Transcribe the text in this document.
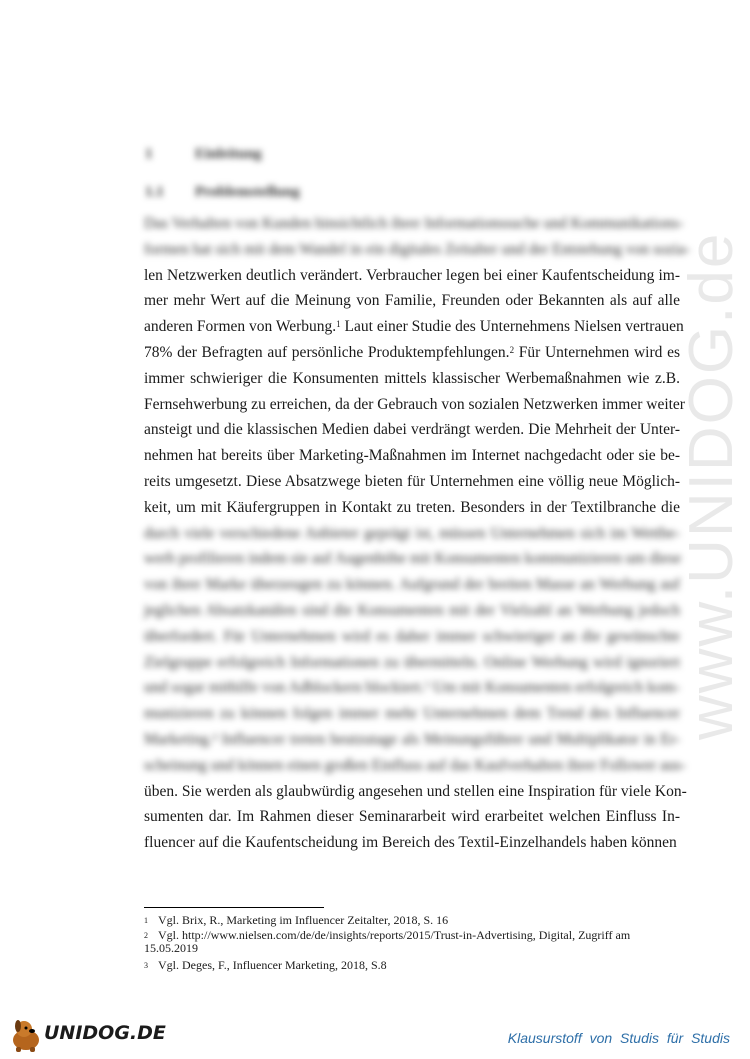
www.UNIDOG.de
1	Einleitung
1.1 Problemstellung
Das Verhalten von Kunden hinsichtlich ihrer Informationssuche und Kommunikations-
formen hat sich mit dem Wandel in ein digitales Zeitalter und der Entstehung von sozia-
len Netzwerken deutlich verändert. Verbraucher legen bei einer Kaufentscheidung im-
mer mehr Wert auf die Meinung von Familie, Freunden oder Bekannten als auf alle
anderen Formen von Werbung.$^1$ Laut einer Studie des Unternehmens Nielsen vertrauen
78% der Befragten auf persönliche Produktempfehlungen.$^2$ Für Unternehmen wird es
immer schwieriger die Konsumenten mittels klassischer Werbemaßnahmen wie z.B.
Fernsehwerbung zu erreichen, da der Gebrauch von sozialen Netzwerken immer weiter
ansteigt und die klassischen Medien dabei verdrängt werden. Die Mehrheit der Unter-
nehmen hat bereits über Marketing-Maßnahmen im Internet nachgedacht oder sie be-
reits umgesetzt. Diese Absatzwege bieten für Unternehmen eine völlig neue Möglich-
keit, um mit Käufergruppen in Kontakt zu treten. Besonders in der Textilbranche die
durch viele verschiedene Anbieter geprägt ist, müssen Unternehmen sich im Wettbe-
werb profilieren indem sie auf Augenhöhe mit Konsumenten kommunizieren um diese
von ihrer Marke überzeugen zu können. Aufgrund der breiten Masse an Werbung auf
jeglichen Absatzkanälen sind die Konsumenten mit der Vielzahl an Werbung jedoch
überfordert. Für Unternehmen wird es daher immer schwieriger an die gewünschte
Zielgruppe erfolgreich Informationen zu übermitteln. Online Werbung wird ignoriert
und sogar mithilfe von Adblockern blockiert.$^3$ Um mit Konsumenten erfolgreich kom-
munizieren zu können folgen immer mehr Unternehmen dem Trend des Influencer
Marketing.$^4$ Influencer treten heutzutage als Meinungsführer und Multiplikator in Er-
scheinung und können einen großen Einfluss auf das Kaufverhalten ihrer Follower aus-
üben. Sie werden als glaubwürdig angesehen und stellen eine Inspiration für viele Kon-
sumenten dar. Im Rahmen dieser Seminararbeit wird erarbeitet welchen Einfluss In-
fluencer auf die Kaufentscheidung im Bereich des Textil-Einzelhandels haben können
1 Vgl. Brix, R., Marketing im Influencer Zeitalter, 2018, S. 16
2 Vgl. http://www.nielsen.com/de/de/insights/reports/2015/Trust-in-Advertising, Digital, Zugriff am 15.05.2019
3 Vgl. Deges, F., Influencer Marketing, 2018, S.8
UNIDOG.DE	Klausurstoff von Studis für Studis
